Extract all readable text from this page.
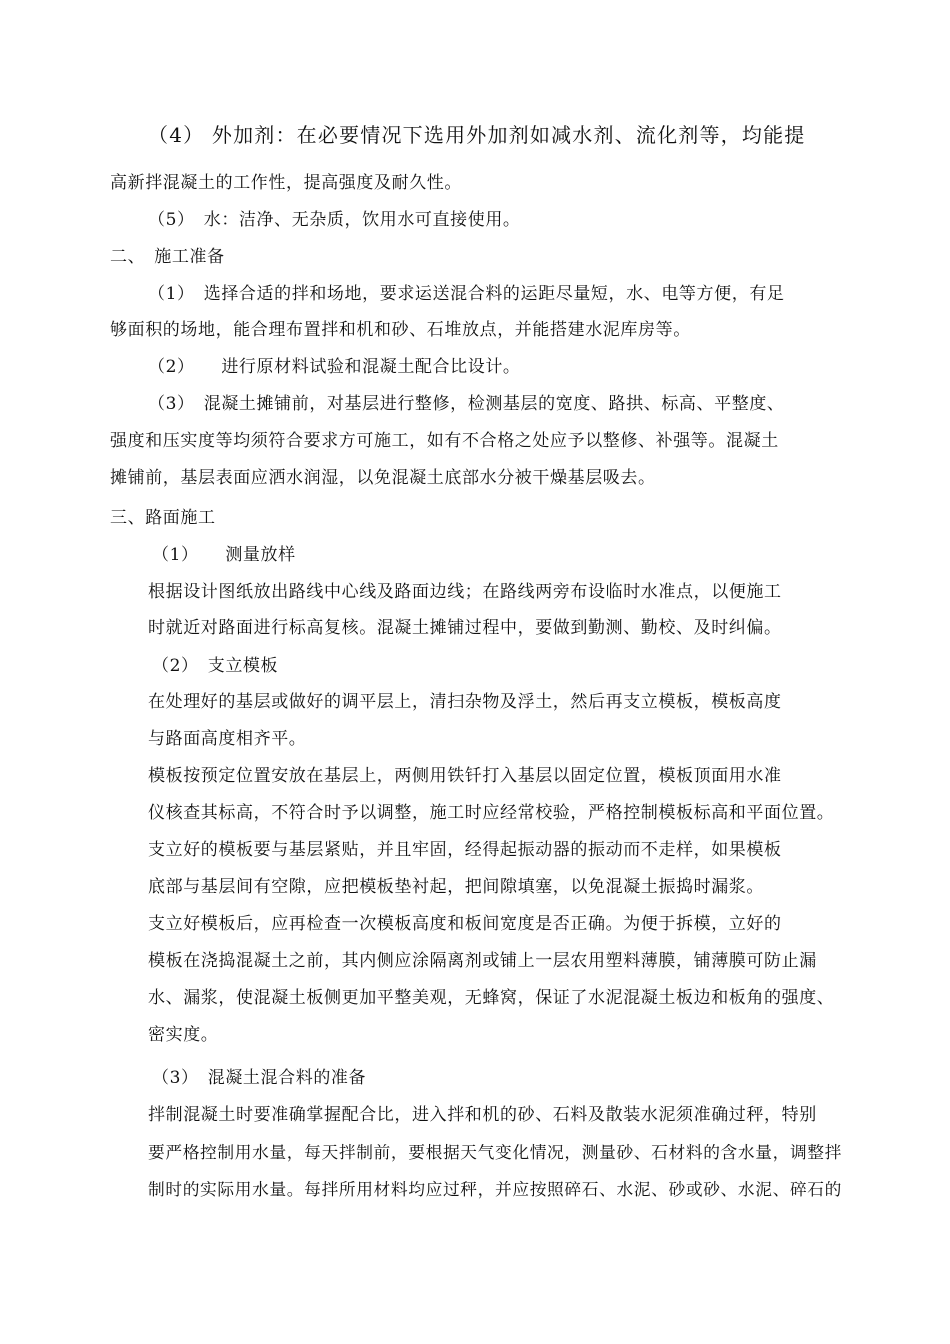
（4） 外加剂：在必要情况下选用外加剂如减水剂、流化剂等，均能提
高新拌混凝土的工作性，提高强度及耐久性。
（5）　水：洁净、无杂质，饮用水可直接使用。
二、　施工准备
（1）　选择合适的拌和场地，要求运送混合料的运距尽量短，水、电等方便，有足
够面积的场地，能合理布置拌和机和砂、石堆放点，并能搭建水泥库房等。
（2）　　进行原材料试验和混凝土配合比设计。
（3）　混凝土摊铺前，对基层进行整修，检测基层的宽度、路拱、标高、平整度、
强度和压实度等均须符合要求方可施工，如有不合格之处应予以整修、补强等。混凝土
摊铺前，基层表面应洒水润湿，以免混凝土底部水分被干燥基层吸去。
三、路面施工
（1）　　测量放样
根据设计图纸放出路线中心线及路面边线；在路线两旁布设临时水准点，以便施工
时就近对路面进行标高复核。混凝土摊铺过程中，要做到勤测、勤校、及时纠偏。
（2）　支立模板
在处理好的基层或做好的调平层上，清扫杂物及浮土，然后再支立模板，模板高度
与路面高度相齐平。
模板按预定位置安放在基层上，两侧用铁钎打入基层以固定位置，模板顶面用水准
仪核查其标高，不符合时予以调整，施工时应经常校验，严格控制模板标高和平面位置。
支立好的模板要与基层紧贴，并且牢固，经得起振动器的振动而不走样，如果模板
底部与基层间有空隙，应把模板垫衬起，把间隙填塞，以免混凝土振捣时漏浆。
支立好模板后，应再检查一次模板高度和板间宽度是否正确。为便于拆模，立好的
模板在浇捣混凝土之前，其内侧应涂隔离剂或铺上一层农用塑料薄膜，铺薄膜可防止漏
水、漏浆，使混凝土板侧更加平整美观，无蜂窝，保证了水泥混凝土板边和板角的强度、
密实度。
（3）　混凝土混合料的准备
拌制混凝土时要准确掌握配合比，进入拌和机的砂、石料及散装水泥须准确过秤，特别
要严格控制用水量，每天拌制前，要根据天气变化情况，测量砂、石材料的含水量，调整拌
制时的实际用水量。每拌所用材料均应过秤，并应按照碎石、水泥、砂或砂、水泥、碎石的
